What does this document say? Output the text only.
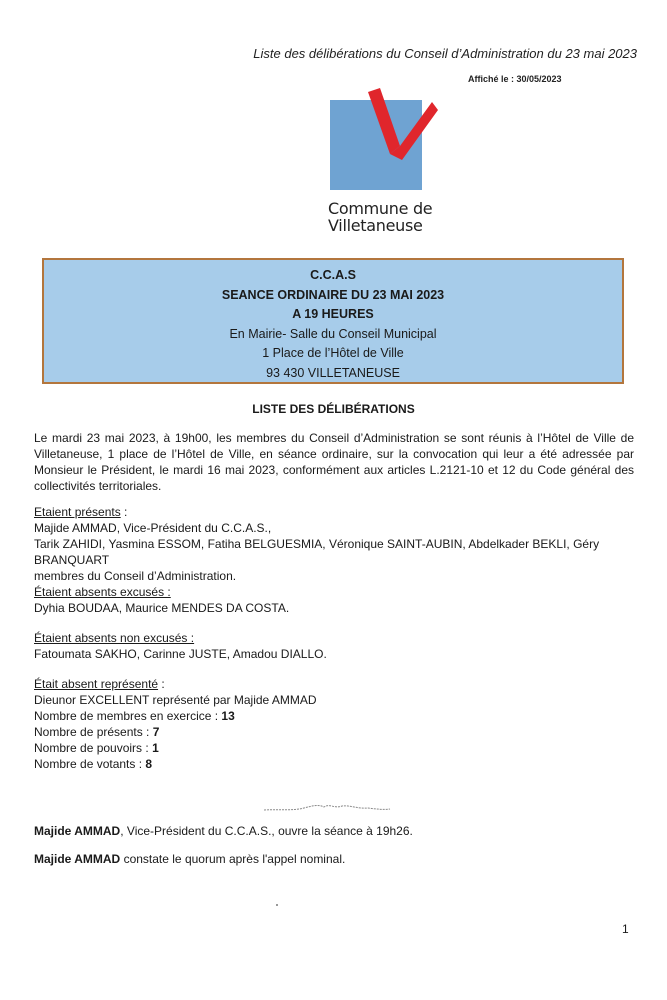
Liste des délibérations du Conseil d’Administration du 23 mai 2023
Affiché le : 30/05/2023
Commune de
Villetaneuse
C.C.A.S
SEANCE ORDINAIRE DU 23 MAI 2023
A 19 HEURES
En Mairie- Salle du Conseil Municipal
1 Place de l’Hôtel de Ville
93 430 VILLETANEUSE
LISTE DES DÉLIBÉRATIONS
Le mardi 23 mai 2023, à 19h00, les membres du Conseil d’Administration se sont réunis à l’Hôtel de Ville de Villetaneuse, 1 place de l’Hôtel de Ville, en séance ordinaire, sur la convocation qui leur a été adressée par Monsieur le Président, le mardi 16 mai 2023, conformément aux articles L.2121-10 et 12 du Code général des collectivités territoriales.
Etaient présents :
Majide AMMAD, Vice-Président du C.C.A.S.,
Tarik ZAHIDI, Yasmina ESSOM, Fatiha BELGUESMIA, Véronique SAINT-AUBIN, Abdelkader BEKLI, Géry BRANQUART
membres du Conseil d’Administration.
Étaient absents excusés :
Dyhia BOUDAA, Maurice MENDES DA COSTA.
Étaient absents non excusés :
Fatoumata SAKHO, Carinne JUSTE, Amadou DIALLO.
Était absent représenté :
Dieunor EXCELLENT représenté par Majide AMMAD
Nombre de membres en exercice : 13
Nombre de présents : 7
Nombre de pouvoirs : 1
Nombre de votants : 8
Majide AMMAD, Vice-Président du C.C.A.S., ouvre la séance à 19h26.
Majide AMMAD constate le quorum après l'appel nominal.
1
